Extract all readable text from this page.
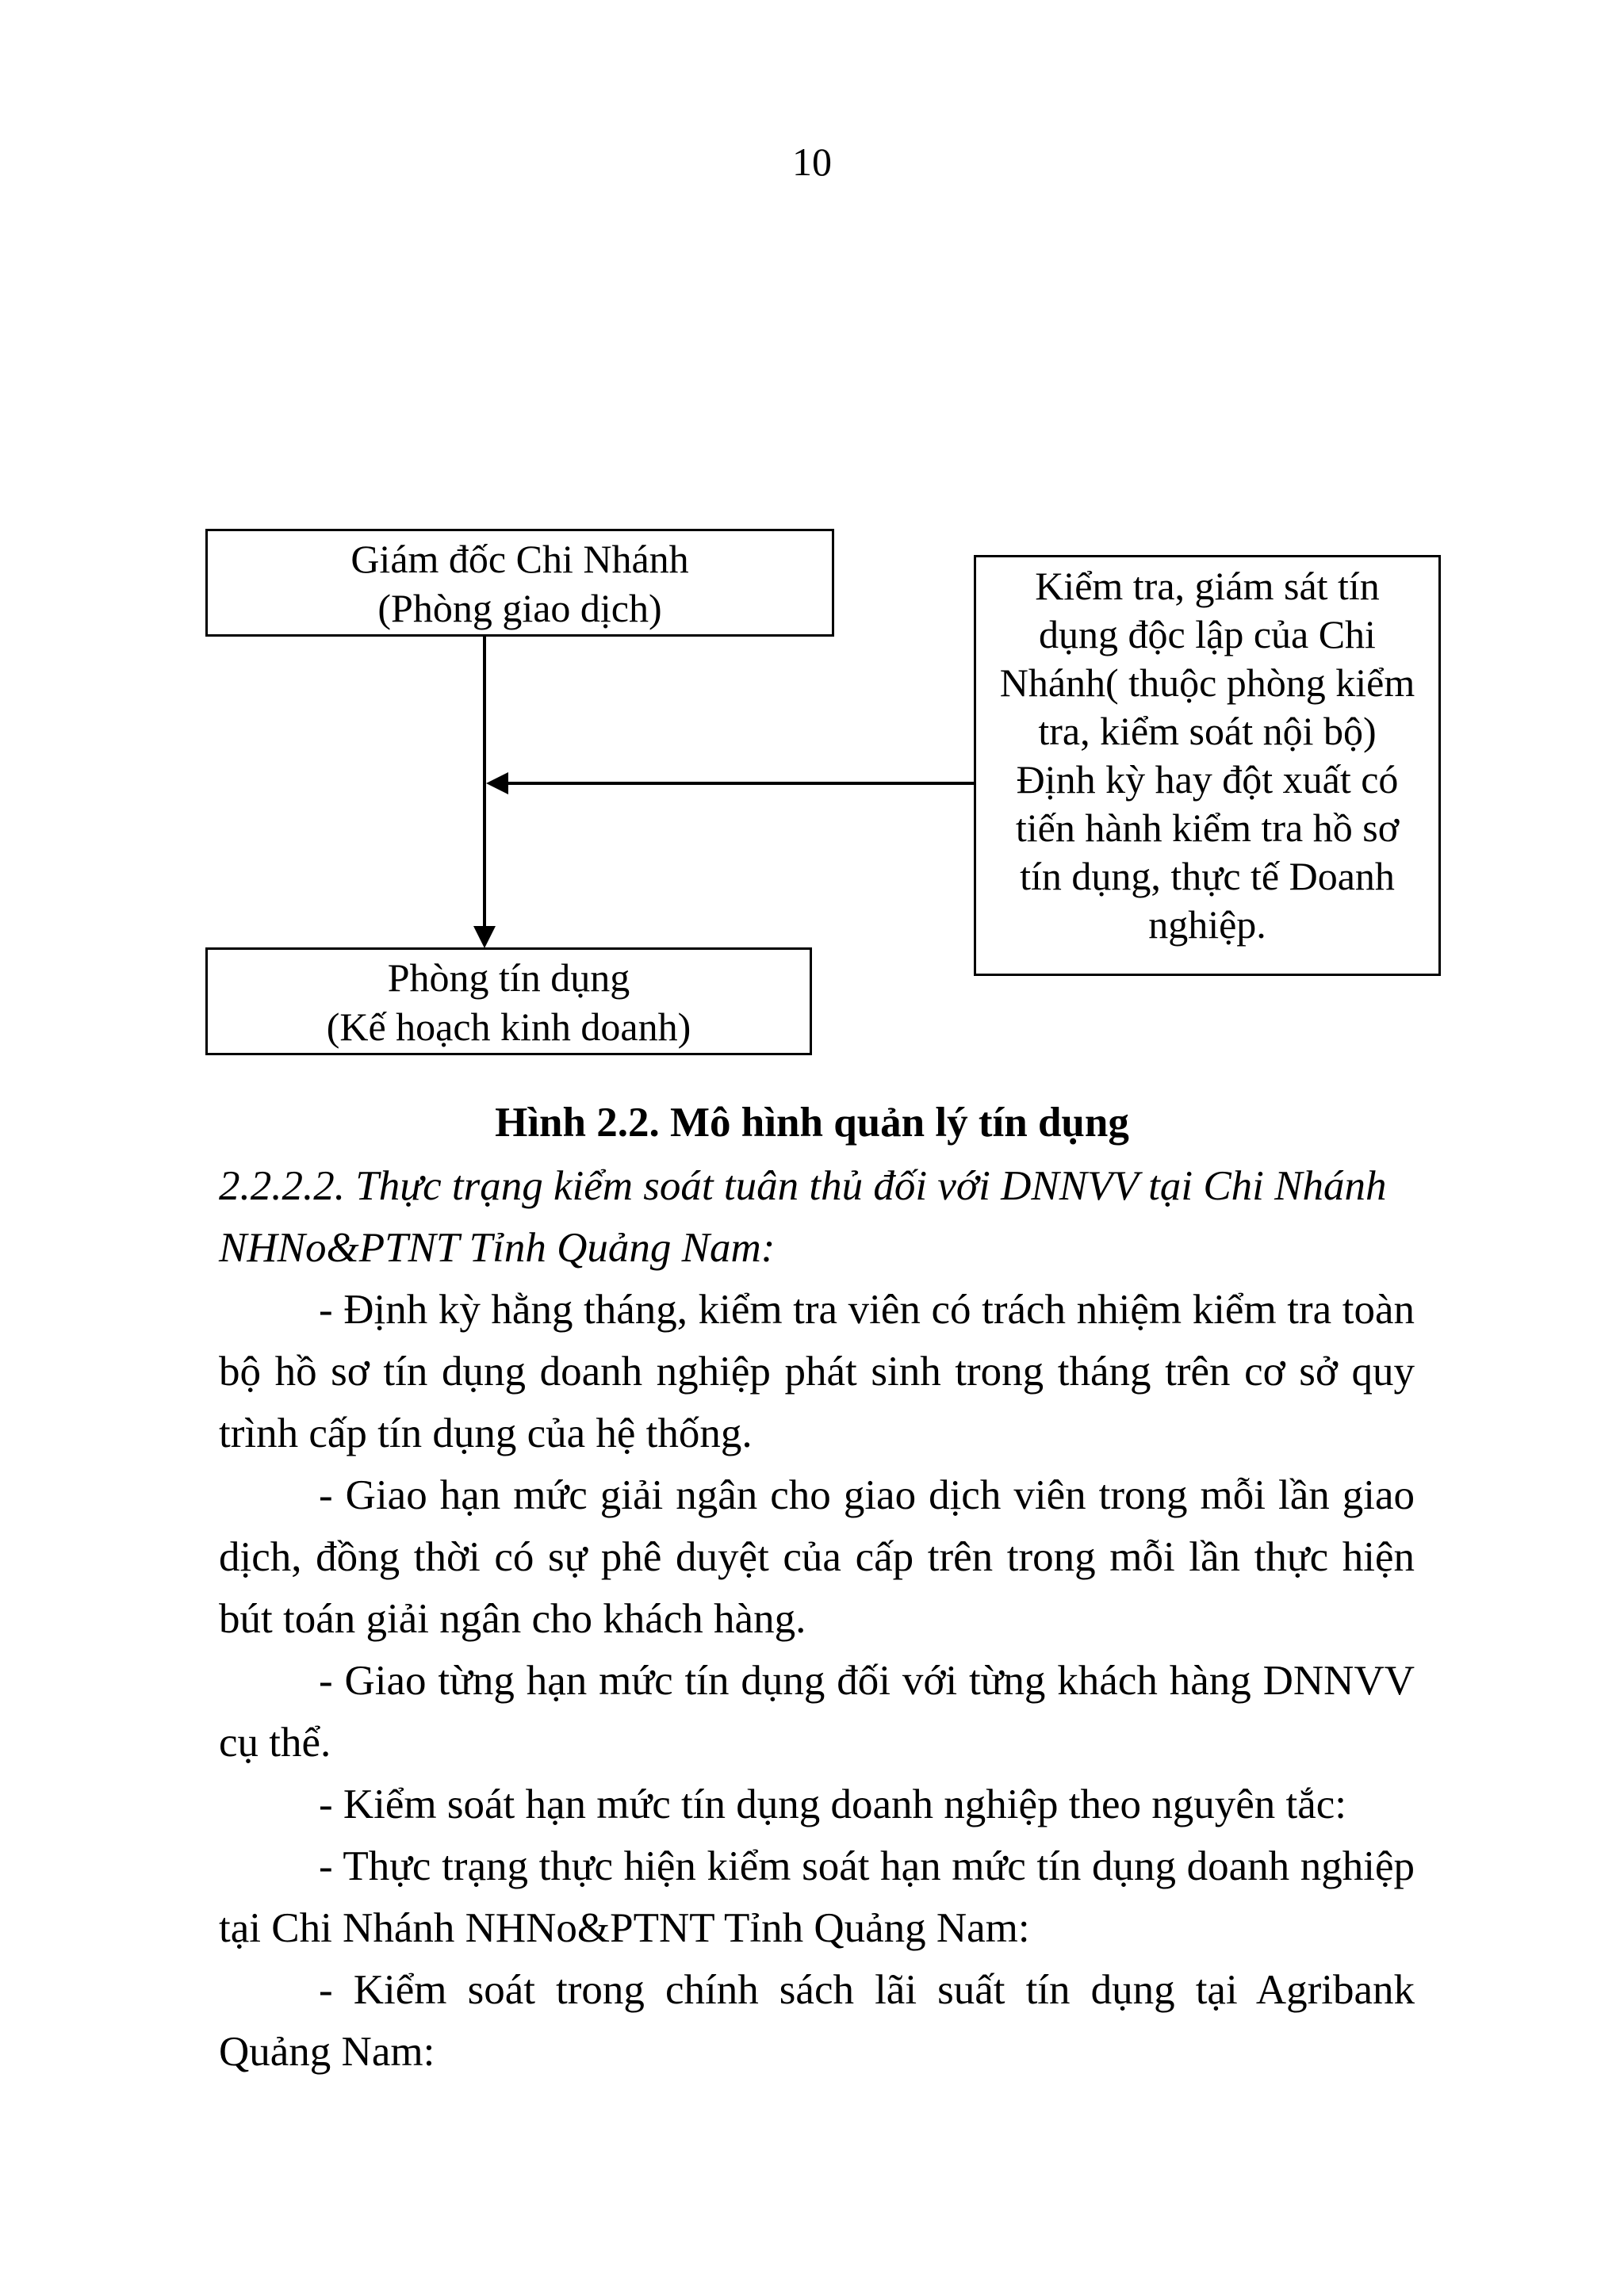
10
Giám đốc Chi Nhánh
(Phòng giao dịch)	Kiểm tra, giám sát tín
dụng độc lập của Chi
Nhánh( thuộc phòng kiểm
tra, kiểm soát nội bộ)
Định kỳ hay đột xuất có
tiến hành kiểm tra hồ sơ
tín dụng, thực tế Doanh
nghiệp.
Phòng tín dụng
(Kế hoạch kinh doanh)
Hình 2.2. Mô hình quản lý tín dụng

2.2.2.2. Thực trạng kiểm soát tuân thủ đối với DNNVV tại Chi Nhánh NHNo&PTNT Tỉnh Quảng Nam:

- Định kỳ hằng tháng, kiểm tra viên có trách nhiệm kiểm tra toàn bộ hồ sơ tín dụng doanh nghiệp phát sinh trong tháng trên cơ sở quy trình cấp tín dụng của hệ thống.

- Giao hạn mức giải ngân cho giao dịch viên trong mỗi lần giao dịch, đồng thời có sự phê duyệt của cấp trên trong mỗi lần thực hiện bút toán giải ngân cho khách hàng.

- Giao từng hạn mức tín dụng đối với từng khách hàng DNNVV cụ thể.

- Kiểm soát hạn mức tín dụng doanh nghiệp theo nguyên tắc:

- Thực trạng thực hiện kiểm soát hạn mức tín dụng doanh nghiệp tại Chi Nhánh NHNo&PTNT Tỉnh Quảng Nam:

- Kiểm soát trong chính sách lãi suất tín dụng tại Agribank Quảng Nam:
